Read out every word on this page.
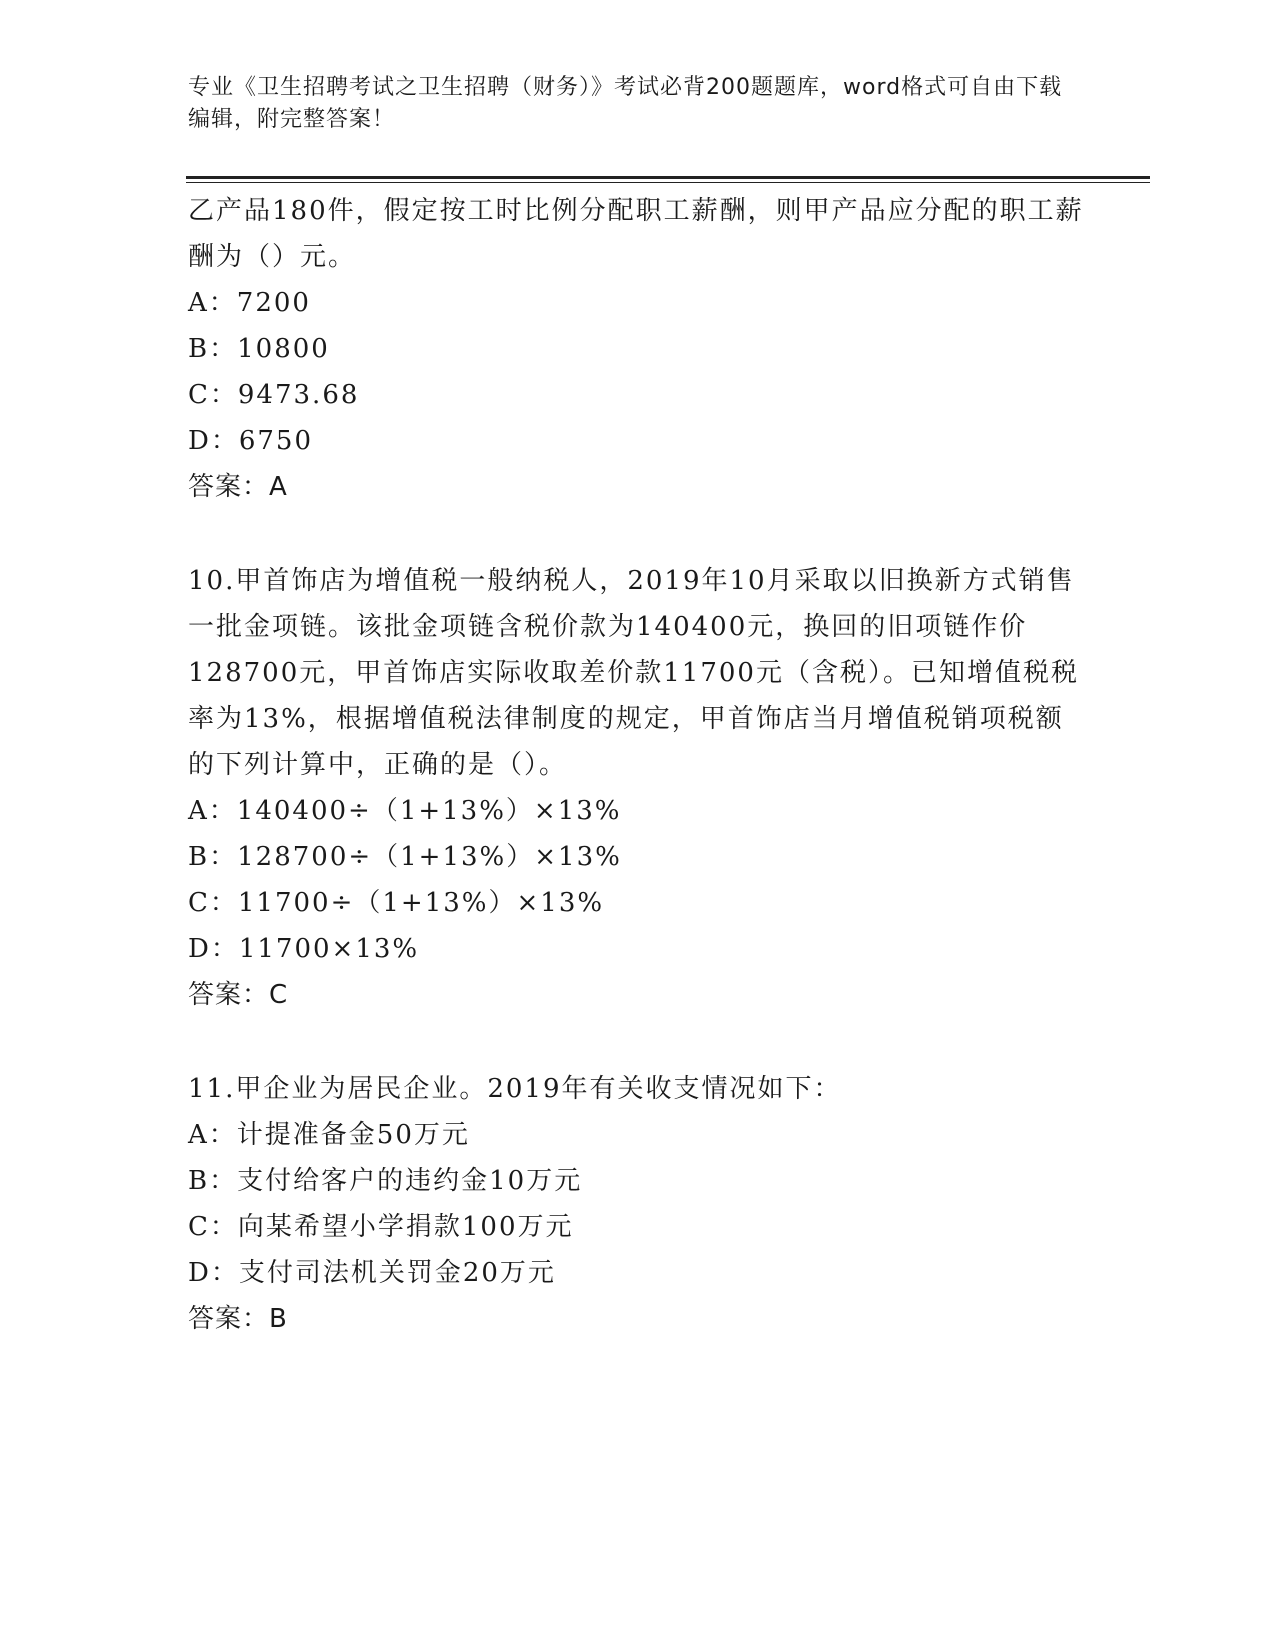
专业《卫生招聘考试之卫生招聘（财务）》考试必背200题题库，word格式可自由下载编辑，附完整答案！

乙产品180件，假定按工时比例分配职工薪酬，则甲产品应分配的职工薪酬为（）元。

A：7200

B：10800

C：9473.68

D：6750

答案：A

10.甲首饰店为增值税一般纳税人，2019年10月采取以旧换新方式销售一批金项链。该批金项链含税价款为140400元，换回的旧项链作价128700元，甲首饰店实际收取差价款11700元（含税）。已知增值税税率为13%，根据增值税法律制度的规定，甲首饰店当月增值税销项税额的下列计算中，正确的是（）。

A：140400÷（1+13%）×13%

B：128700÷（1+13%）×13%

C：11700÷（1+13%）×13%

D：11700×13%

答案：C

11.甲企业为居民企业。2019年有关收支情况如下：

A：计提准备金50万元

B：支付给客户的违约金10万元

C：向某希望小学捐款100万元

D：支付司法机关罚金20万元

答案：B
